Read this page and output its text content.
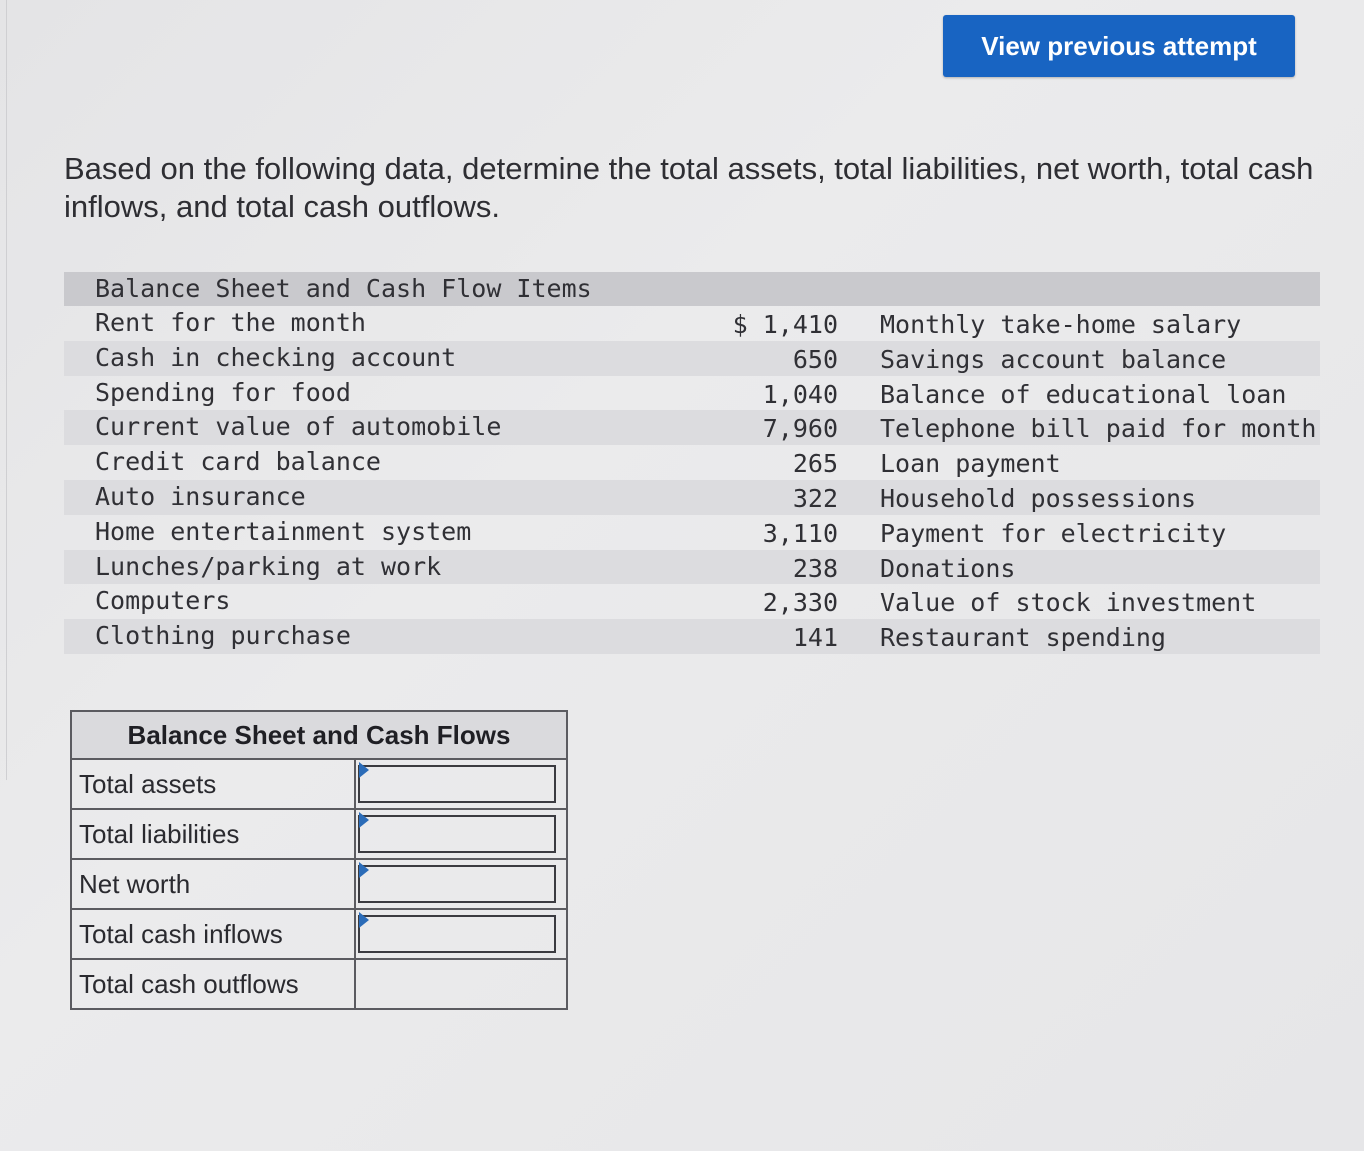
View previous attempt

Based on the following data, determine the total assets, total liabilities, net worth, total cash inflows, and total cash outflows.

Balance Sheet and Cash Flow Items
Rent for the month	$ 1,410 Monthly take-home salary
Cash in checking account	650 Savings account balance
Spending for food	1,040 Balance of educational loan
Current value of automobile	7,960 Telephone bill paid for month
Credit card balance	265 Loan payment
Auto insurance	322 Household possessions
Home entertainment system	3,110 Payment for electricity
Lunches/parking at work	238 Donations
Computers	2,330 Value of stock investment
Clothing purchase	141 Restaurant spending
Balance Sheet and Cash Flows	
Total assets	

Total liabilities	

Net worth	

Total cash inflows	

Total cash outflows	
